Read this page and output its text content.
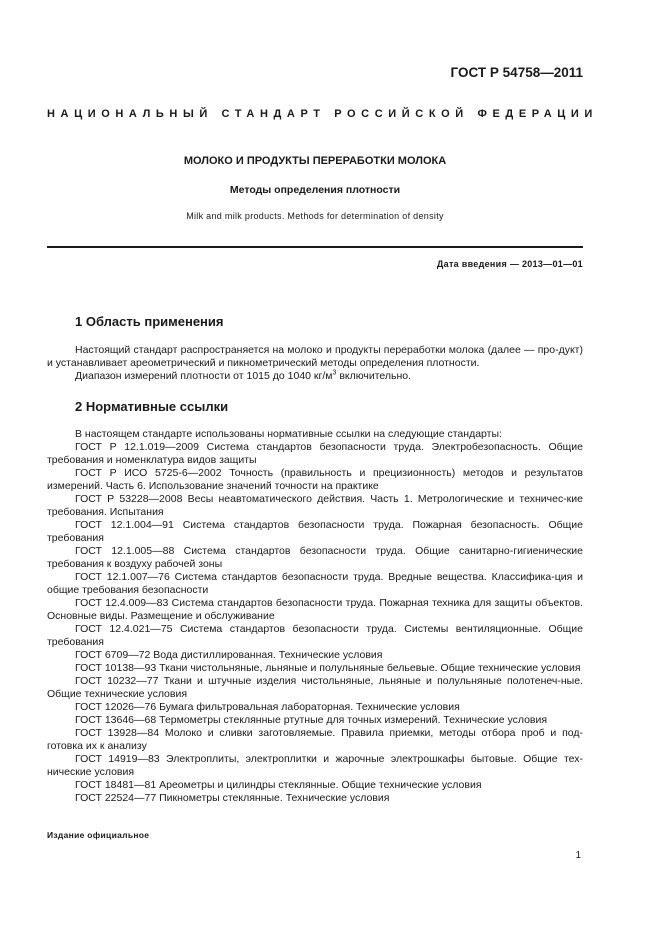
ГОСТ Р 54758—2011
НАЦИОНАЛЬНЫЙ СТАНДАРТ РОССИЙСКОЙ ФЕДЕРАЦИИ
МОЛОКО И ПРОДУКТЫ ПЕРЕРАБОТКИ МОЛОКА
Методы определения плотности
Milk and milk products. Methods for determination of density
Дата введения — 2013—01—01
1 Область применения

Настоящий стандарт распространяется на молоко и продукты переработки молока (далее — про-дукт) и устанавливает ареометрический и пикнометрический методы определения плотности.

Диапазон измерений плотности от 1015 до 1040 $кг/м^3$ включительно.

2 Нормативные ссылки

В настоящем стандарте использованы нормативные ссылки на следующие стандарты:

ГОСТ Р 12.1.019—2009 Система стандартов безопасности труда. Электробезопасность. Общие требования и номенклатура видов защиты

ГОСТ Р ИСО 5725-6—2002 Точность (правильность и прецизионность) методов и результатов измерений. Часть 6. Использование значений точности на практике

ГОСТ Р 53228—2008 Весы неавтоматического действия. Часть 1. Метрологические и техничес-кие требования. Испытания

ГОСТ 12.1.004—91 Система стандартов безопасности труда. Пожарная безопасность. Общие требования

ГОСТ 12.1.005—88 Система стандартов безопасности труда. Общие санитарно-гигиенические требования к воздуху рабочей зоны

ГОСТ 12.1.007—76 Система стандартов безопасности труда. Вредные вещества. Классифика-ция и общие требования безопасности

ГОСТ 12.4.009—83 Система стандартов безопасности труда. Пожарная техника для защиты объектов. Основные виды. Размещение и обслуживание

ГОСТ 12.4.021—75 Система стандартов безопасности труда. Системы вентиляционные. Общие требования

ГОСТ 6709—72 Вода дистиллированная. Технические условия

ГОСТ 10138—93 Ткани чистольняные, льняные и полульняные бельевые. Общие технические условия

ГОСТ 10232—77 Ткани и штучные изделия чистольняные, льняные и полульняные полотенеч-ные. Общие технические условия

ГОСТ 12026—76 Бумага фильтровальная лабораторная. Технические условия

ГОСТ 13646—68 Термометры стеклянные ртутные для точных измерений. Технические условия

ГОСТ 13928—84 Молоко и сливки заготовляемые. Правила приемки, методы отбора проб и под-готовка их к анализу

ГОСТ 14919—83 Электроплиты, электроплитки и жарочные электрошкафы бытовые. Общие тех-нические условия

ГОСТ 18481—81 Ареометры и цилиндры стеклянные. Общие технические условия

ГОСТ 22524—77 Пикнометры стеклянные. Технические условия

Издание официальное
1
